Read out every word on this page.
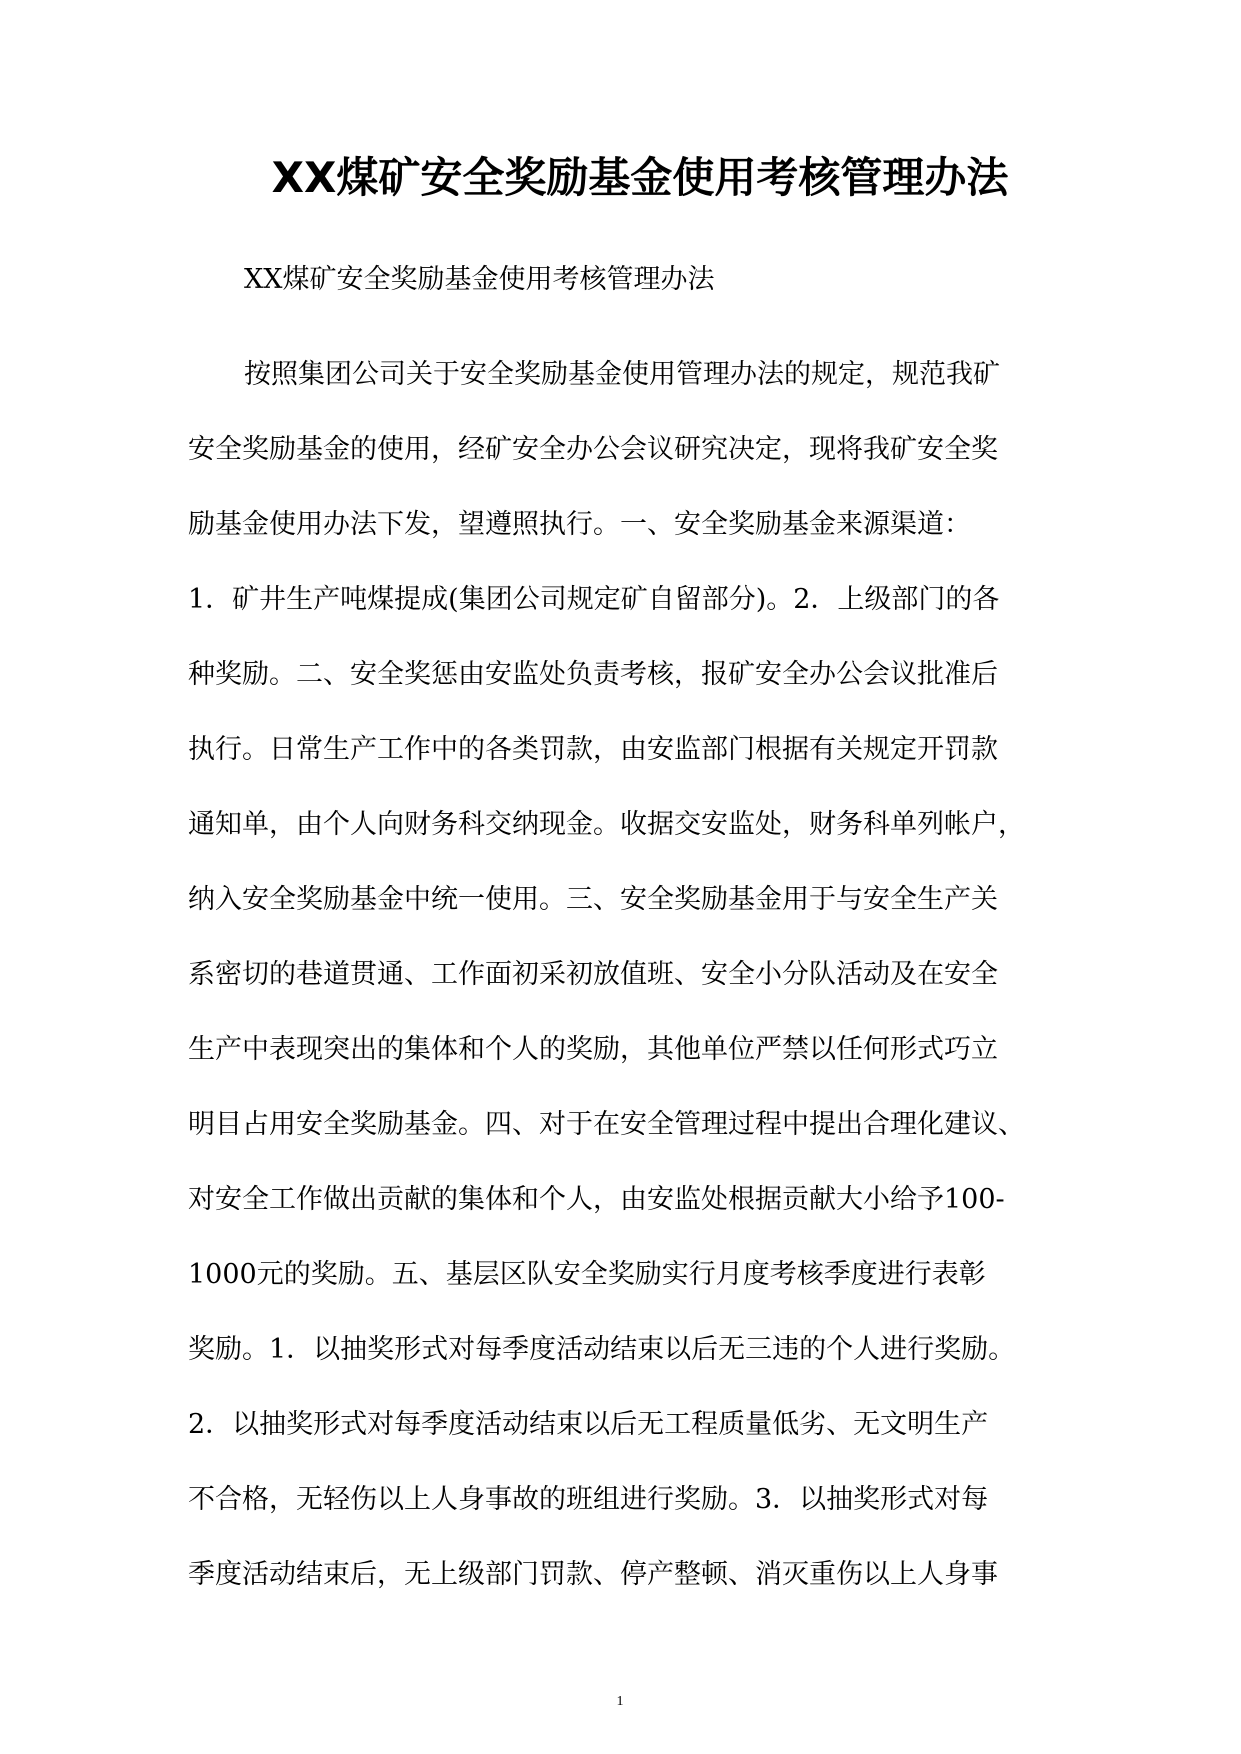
XX煤矿安全奖励基金使用考核管理办法
XX煤矿安全奖励基金使用考核管理办法
按照集团公司关于安全奖励基金使用管理办法的规定，规范我矿
安全奖励基金的使用，经矿安全办公会议研究决定，现将我矿安全奖
励基金使用办法下发，望遵照执行。一、安全奖励基金来源渠道：
1．矿井生产吨煤提成(集团公司规定矿自留部分)。2．上级部门的各
种奖励。二、安全奖惩由安监处负责考核，报矿安全办公会议批准后
执行。日常生产工作中的各类罚款，由安监部门根据有关规定开罚款
通知单，由个人向财务科交纳现金。收据交安监处，财务科单列帐户，
纳入安全奖励基金中统一使用。三、安全奖励基金用于与安全生产关
系密切的巷道贯通、工作面初采初放值班、安全小分队活动及在安全
生产中表现突出的集体和个人的奖励，其他单位严禁以任何形式巧立
明目占用安全奖励基金。四、对于在安全管理过程中提出合理化建议、
对安全工作做出贡献的集体和个人，由安监处根据贡献大小给予100-
1000元的奖励。五、基层区队安全奖励实行月度考核季度进行表彰
奖励。1．以抽奖形式对每季度活动结束以后无三违的个人进行奖励。
2．以抽奖形式对每季度活动结束以后无工程质量低劣、无文明生产
不合格，无轻伤以上人身事故的班组进行奖励。3．以抽奖形式对每
季度活动结束后，无上级部门罚款、停产整顿、消灭重伤以上人身事
1
